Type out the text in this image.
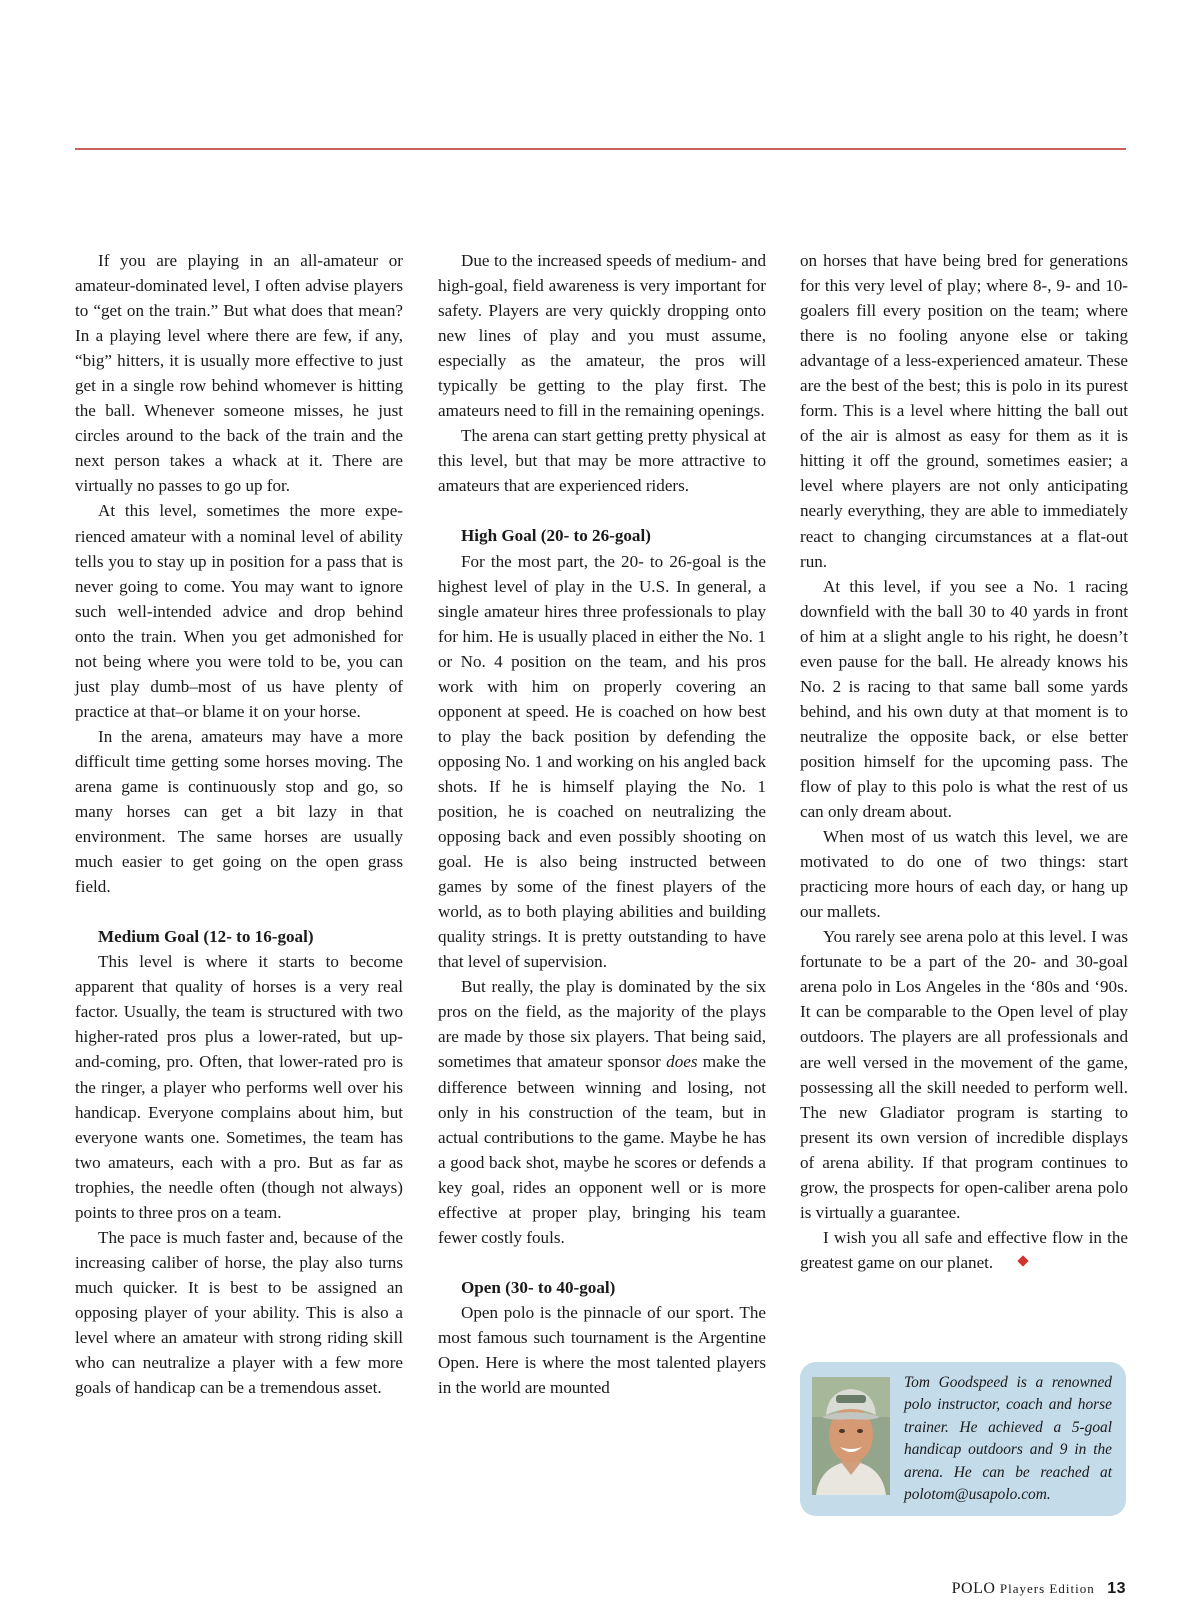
If you are playing in an all-amateur or amateur-dominated level, I often advise players to “get on the train.” But what does that mean? In a playing level where there are few, if any, “big” hitters, it is usually more effective to just get in a single row behind whomever is hitting the ball. Whenever someone misses, he just circles around to the back of the train and the next person takes a whack at it. There are virtually no passes to go up for.

At this level, sometimes the more experienced amateur with a nominal level of ability tells you to stay up in position for a pass that is never going to come. You may want to ignore such well-intended advice and drop behind onto the train. When you get admonished for not being where you were told to be, you can just play dumb–most of us have plenty of practice at that–or blame it on your horse.

In the arena, amateurs may have a more difficult time getting some horses moving. The arena game is continuously stop and go, so many horses can get a bit lazy in that environment. The same horses are usually much easier to get going on the open grass field.

Medium Goal (12- to 16-goal)

This level is where it starts to become apparent that quality of horses is a very real factor. Usually, the team is structured with two higher-rated pros plus a lower-rated, but up-and-coming, pro. Often, that lower-rated pro is the ringer, a player who performs well over his handicap. Everyone complains about him, but everyone wants one. Sometimes, the team has two amateurs, each with a pro. But as far as trophies, the needle often (though not always) points to three pros on a team.

The pace is much faster and, because of the increasing caliber of horse, the play also turns much quicker. It is best to be assigned an opposing player of your ability. This is also a level where an amateur with strong riding skill who can neutralize a player with a few more goals of handicap can be a tremendous asset.

Due to the increased speeds of medium- and high-goal, field awareness is very important for safety. Players are very quickly dropping onto new lines of play and you must assume, especially as the amateur, the pros will typically be getting to the play first. The amateurs need to fill in the remaining openings.

The arena can start getting pretty physical at this level, but that may be more attractive to amateurs that are experienced riders.

High Goal (20- to 26-goal)

For the most part, the 20- to 26-goal is the highest level of play in the U.S. In general, a single amateur hires three professionals to play for him. He is usually placed in either the No. 1 or No. 4 position on the team, and his pros work with him on properly covering an opponent at speed. He is coached on how best to play the back position by defending the opposing No. 1 and working on his angled back shots. If he is himself playing the No. 1 position, he is coached on neutralizing the opposing back and even possibly shooting on goal. He is also being instructed between games by some of the finest players of the world, as to both playing abilities and building quality strings. It is pretty outstanding to have that level of supervision.

But really, the play is dominated by the six pros on the field, as the majority of the plays are made by those six players. That being said, sometimes that amateur sponsor does make the difference between winning and losing, not only in his construction of the team, but in actual contributions to the game. Maybe he has a good back shot, maybe he scores or defends a key goal, rides an opponent well or is more effective at proper play, bringing his team fewer costly fouls.

Open (30- to 40-goal)

Open polo is the pinnacle of our sport. The most famous such tournament is the Argentine Open. Here is where the most talented players in the world are mounted

on horses that have being bred for generations for this very level of play; where 8-, 9- and 10-goalers fill every position on the team; where there is no fooling anyone else or taking advantage of a less-experienced amateur. These are the best of the best; this is polo in its purest form. This is a level where hitting the ball out of the air is almost as easy for them as it is hitting it off the ground, sometimes easier; a level where players are not only anticipating nearly everything, they are able to immediately react to changing circumstances at a flat-out run.

At this level, if you see a No. 1 racing downfield with the ball 30 to 40 yards in front of him at a slight angle to his right, he doesn’t even pause for the ball. He already knows his No. 2 is racing to that same ball some yards behind, and his own duty at that moment is to neutralize the opposite back, or else better position himself for the upcoming pass. The flow of play to this polo is what the rest of us can only dream about.

When most of us watch this level, we are motivated to do one of two things: start practicing more hours of each day, or hang up our mallets.

You rarely see arena polo at this level. I was fortunate to be a part of the 20- and 30-goal arena polo in Los Angeles in the ‘80s and ‘90s. It can be comparable to the Open level of play outdoors. The players are all professionals and are well versed in the movement of the game, possessing all the skill needed to perform well. The new Gladiator program is starting to present its own version of incredible displays of arena ability. If that program continues to grow, the prospects for open-caliber arena polo is virtually a guarantee.

I wish you all safe and effective flow in the greatest game on our planet.

Tom Goodspeed is a renowned polo instructor, coach and horse trainer. He achieved a 5-goal handicap outdoors and 9 in the arena. He can be reached at polotom@usapolo.com.
POLO Players Edition 13
